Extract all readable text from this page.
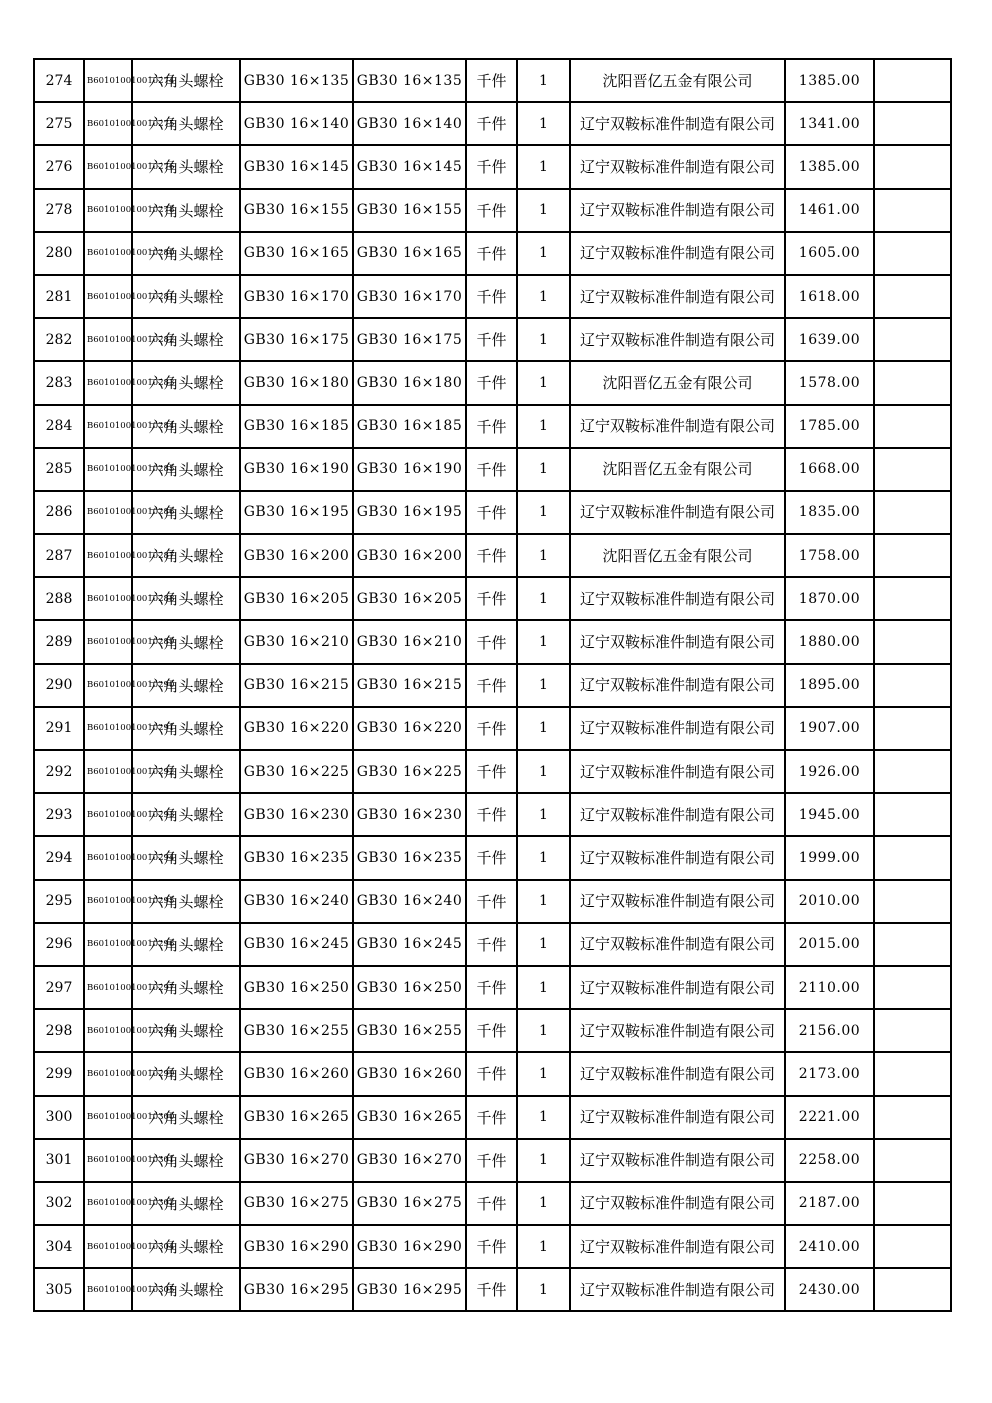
274	B601010010010274	六角头螺栓	GB30 16×135	GB30 16×135	千件	1	沈阳晋亿五金有限公司	1385.00	
275	B601010010010275	六角头螺栓	GB30 16×140	GB30 16×140	千件	1	辽宁双鞍标准件制造有限公司	1341.00	
276	B601010010010276	六角头螺栓	GB30 16×145	GB30 16×145	千件	1	辽宁双鞍标准件制造有限公司	1385.00	
278	B601010010010278	六角头螺栓	GB30 16×155	GB30 16×155	千件	1	辽宁双鞍标准件制造有限公司	1461.00	
280	B601010010010280	六角头螺栓	GB30 16×165	GB30 16×165	千件	1	辽宁双鞍标准件制造有限公司	1605.00	
281	B601010010010281	六角头螺栓	GB30 16×170	GB30 16×170	千件	1	辽宁双鞍标准件制造有限公司	1618.00	
282	B601010010010282	六角头螺栓	GB30 16×175	GB30 16×175	千件	1	辽宁双鞍标准件制造有限公司	1639.00	
283	B601010010010283	六角头螺栓	GB30 16×180	GB30 16×180	千件	1	沈阳晋亿五金有限公司	1578.00	
284	B601010010010284	六角头螺栓	GB30 16×185	GB30 16×185	千件	1	辽宁双鞍标准件制造有限公司	1785.00	
285	B601010010010285	六角头螺栓	GB30 16×190	GB30 16×190	千件	1	沈阳晋亿五金有限公司	1668.00	
286	B601010010010286	六角头螺栓	GB30 16×195	GB30 16×195	千件	1	辽宁双鞍标准件制造有限公司	1835.00	
287	B601010010010287	六角头螺栓	GB30 16×200	GB30 16×200	千件	1	沈阳晋亿五金有限公司	1758.00	
288	B601010010010288	六角头螺栓	GB30 16×205	GB30 16×205	千件	1	辽宁双鞍标准件制造有限公司	1870.00	
289	B601010010010289	六角头螺栓	GB30 16×210	GB30 16×210	千件	1	辽宁双鞍标准件制造有限公司	1880.00	
290	B601010010010290	六角头螺栓	GB30 16×215	GB30 16×215	千件	1	辽宁双鞍标准件制造有限公司	1895.00	
291	B601010010010291	六角头螺栓	GB30 16×220	GB30 16×220	千件	1	辽宁双鞍标准件制造有限公司	1907.00	
292	B601010010010292	六角头螺栓	GB30 16×225	GB30 16×225	千件	1	辽宁双鞍标准件制造有限公司	1926.00	
293	B601010010010293	六角头螺栓	GB30 16×230	GB30 16×230	千件	1	辽宁双鞍标准件制造有限公司	1945.00	
294	B601010010010294	六角头螺栓	GB30 16×235	GB30 16×235	千件	1	辽宁双鞍标准件制造有限公司	1999.00	
295	B601010010010295	六角头螺栓	GB30 16×240	GB30 16×240	千件	1	辽宁双鞍标准件制造有限公司	2010.00	
296	B601010010010296	六角头螺栓	GB30 16×245	GB30 16×245	千件	1	辽宁双鞍标准件制造有限公司	2015.00	
297	B601010010010297	六角头螺栓	GB30 16×250	GB30 16×250	千件	1	辽宁双鞍标准件制造有限公司	2110.00	
298	B601010010010298	六角头螺栓	GB30 16×255	GB30 16×255	千件	1	辽宁双鞍标准件制造有限公司	2156.00	
299	B601010010010299	六角头螺栓	GB30 16×260	GB30 16×260	千件	1	辽宁双鞍标准件制造有限公司	2173.00	
300	B601010010010300	六角头螺栓	GB30 16×265	GB30 16×265	千件	1	辽宁双鞍标准件制造有限公司	2221.00	
301	B601010010010301	六角头螺栓	GB30 16×270	GB30 16×270	千件	1	辽宁双鞍标准件制造有限公司	2258.00	
302	B601010010010302	六角头螺栓	GB30 16×275	GB30 16×275	千件	1	辽宁双鞍标准件制造有限公司	2187.00	
304	B601010010010304	六角头螺栓	GB30 16×290	GB30 16×290	千件	1	辽宁双鞍标准件制造有限公司	2410.00	
305	B601010010010305	六角头螺栓	GB30 16×295	GB30 16×295	千件	1	辽宁双鞍标准件制造有限公司	2430.00	
